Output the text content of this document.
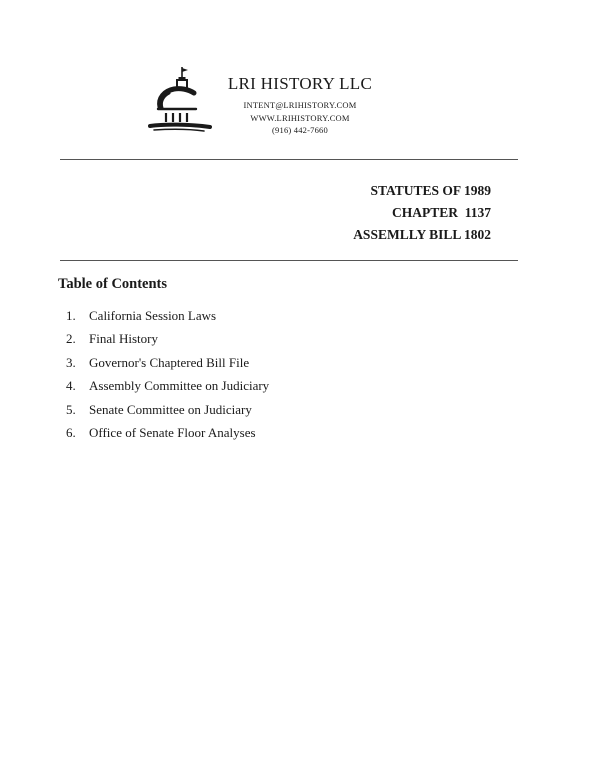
LRI HISTORY LLC
INTENT@LRIHISTORY.COM
WWW.LRIHISTORY.COM
(916) 442-7660
STATUTES OF 1989
CHAPTER  1137
ASSEMLLY BILL 1802
Table of Contents
1. California Session Laws
2. Final History
3. Governor's Chaptered Bill File
4. Assembly Committee on Judiciary
5. Senate Committee on Judiciary
6. Office of Senate Floor Analyses
